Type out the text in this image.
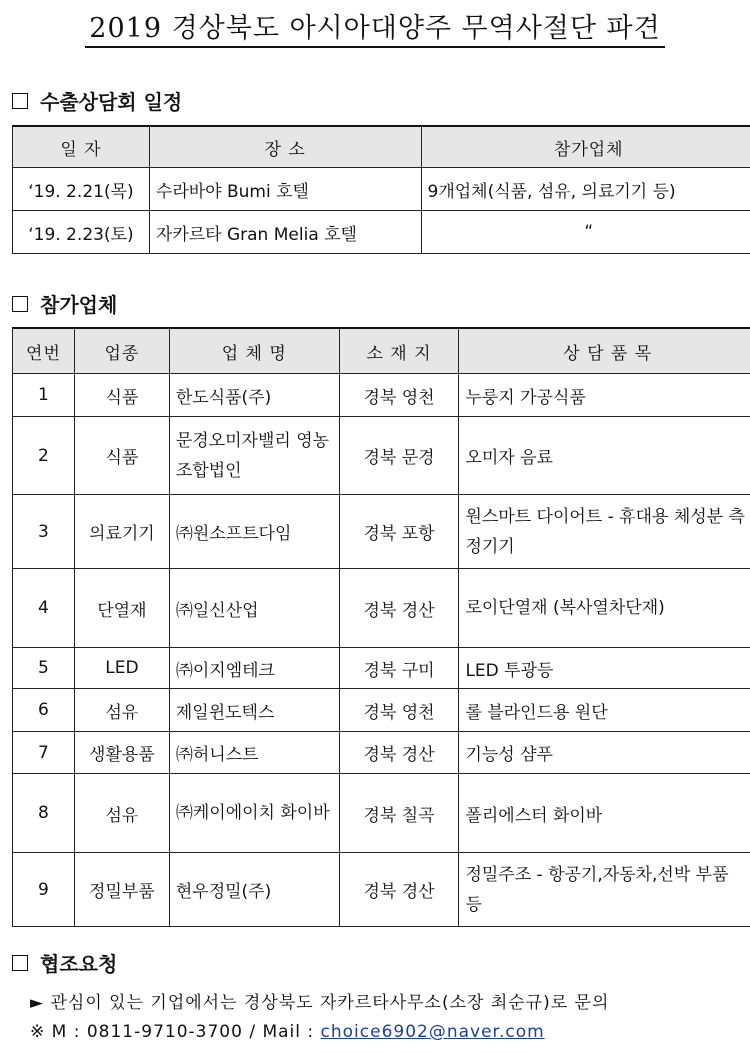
2019 경상북도 아시아대양주 무역사절단 파견
수출상담회 일정
일 자	장 소	참가업체
‘19. 2.21(목)	수라바야 Bumi 호텔	9개업체(식품, 섬유, 의료기기 등)
‘19. 2.23(토)	자카르타 Gran Melia 호텔	“
참가업체
연번	업종	업 체 명	소 재 지	상 담 품 목
1	식품	한도식품(주)	경북 영천	누룽지 가공식품
2	식품	문경오미자밸리 영농조합법인	경북 문경	오미자 음료
3	의료기기	㈜원소프트다임	경북 포항	원스마트 다이어트 - 휴대용 체성분 측정기기
4	단열재	㈜일신산업	경북 경산	로이단열재 (복사열차단재)
5	LED	㈜이지엠테크	경북 구미	LED 투광등
6	섬유	제일윈도텍스	경북 영천	롤 블라인드용 원단
7	생활용품	㈜허니스트	경북 경산	기능성 샴푸
8	섬유	㈜케이에이치 화이바	경북 칠곡	폴리에스터 화이바
9	정밀부품	현우정밀(주)	경북 경산	정밀주조 - 항공기,자동차,선박 부품 등
협조요청
► 관심이 있는 기업에서는 경상북도 자카르타사무소(소장 최순규)로 문의
※ M : 0811-9710-3700 / Mail : choice6902@naver.com
